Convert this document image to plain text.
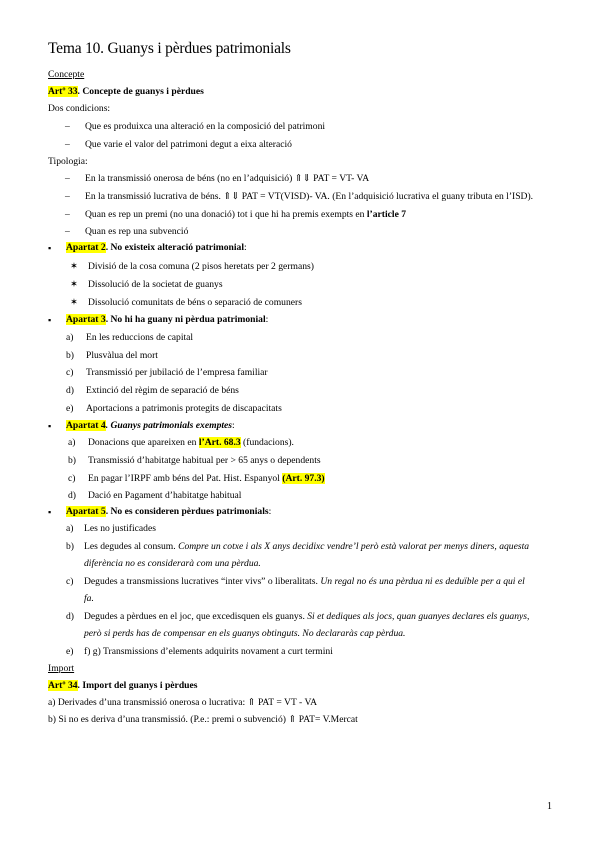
Tema 10. Guanys i pèrdues patrimonials
Concepte
Artº 33. Concepte de guanys i pèrdues
Dos condicions:
– Que es produixca una alteració en la composició del patrimoni
– Que varie el valor del patrimoni degut a eixa alteració
Tipologia:
– En la transmissió onerosa de béns (no en l’adquisició) ⇑⇓ PAT = VT- VA
– En la transmissió lucrativa de béns. ⇑⇓ PAT = VT(VISD)- VA. (En l’adquisició lucrativa el guany tributa en l’ISD).
– Quan es rep un premi (no una donació) tot i que hi ha premis exempts en l’article 7
– Quan es rep una subvenció
▪ Apartat 2. No existeix alteració patrimonial:
✶ Divisió de la cosa comuna (2 pisos heretats per 2 germans)
✶ Dissolució de la societat de guanys
✶ Dissolució comunitats de béns o separació de comuners
▪ Apartat 3. No hi ha guany ni pèrdua patrimonial:
a) En les reduccions de capital
b) Plusvàlua del mort
c) Transmissió per jubilació de l’empresa familiar
d) Extinció del règim de separació de béns
e) Aportacions a patrimonis protegits de discapacitats
▪ Apartat 4. Guanys patrimonials exemptes:
a) Donacions que apareixen en l’Art. 68.3 (fundacions).
b) Transmissió d’habitatge habitual per > 65 anys o dependents
c) En pagar l’IRPF amb béns del Pat. Hist. Espanyol (Art. 97.3)
d) Dació en Pagament d’habitatge habitual
▪ Apartat 5. No es consideren pèrdues patrimonials:
a) Les no justificades
b) Les degudes al consum. Compre un cotxe i als X anys decidixc vendre’l però està valorat per menys diners, aquesta
diferència no es considerarà com una pèrdua.
c) Degudes a transmissions lucratives “inter vivs” o liberalitats. Un regal no és una pèrdua ni es deduïble per a qui el
fa.
d) Degudes a pèrdues en el joc, que excedisquen els guanys. Si et dediques als jocs, quan guanyes declares els guanys,
però si perds has de compensar en els guanys obtinguts. No declararàs cap pèrdua.
e) f) g) Transmissions d’elements adquirits novament a curt termini
Import
Artº 34. Import del guanys i pèrdues
a) Derivades d’una transmissió onerosa o lucrativa: ⇑ PAT = VT - VA
b) Si no es deriva d’una transmissió. (P.e.: premi o subvenció) ⇑ PAT= V.Mercat
1
